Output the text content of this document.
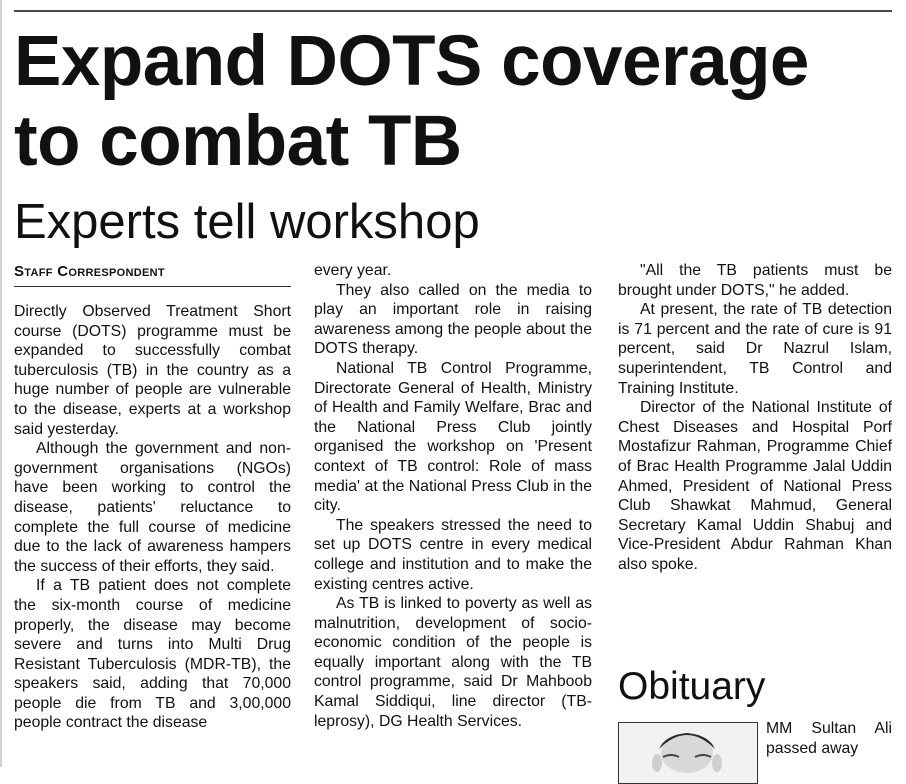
Expand DOTS coverage to combat TB
Experts tell workshop
Staff Correspondent

Directly Observed Treatment Short course (DOTS) programme must be expanded to successfully combat tuberculosis (TB) in the country as a huge number of people are vulnerable to the disease, experts at a workshop said yesterday.

Although the government and non-government organisations (NGOs) have been working to control the disease, patients' reluctance to complete the full course of medicine due to the lack of awareness hampers the success of their efforts, they said.

If a TB patient does not complete the six-month course of medicine properly, the disease may become severe and turns into Multi Drug Resistant Tuberculosis (MDR-TB), the speakers said, adding that 70,000 people die from TB and 3,00,000 people contract the disease

every year.

They also called on the media to play an important role in raising awareness among the people about the DOTS therapy.

National TB Control Programme, Directorate General of Health, Ministry of Health and Family Welfare, Brac and the National Press Club jointly organised the workshop on 'Present context of TB control: Role of mass media' at the National Press Club in the city.

The speakers stressed the need to set up DOTS centre in every medical college and institution and to make the existing centres active.

As TB is linked to poverty as well as malnutrition, development of socio-economic condition of the people is equally important along with the TB control programme, said Dr Mahboob Kamal Siddiqui, line director (TB-leprosy), DG Health Services.

"All the TB patients must be brought under DOTS," he added.

At present, the rate of TB detection is 71 percent and the rate of cure is 91 percent, said Dr Nazrul Islam, superintendent, TB Control and Training Institute.

Director of the National Institute of Chest Diseases and Hospital Porf Mostafizur Rahman, Programme Chief of Brac Health Programme Jalal Uddin Ahmed, President of National Press Club Shawkat Mahmud, General Secretary Kamal Uddin Shabuj and Vice-President Abdur Rahman Khan also spoke.

Obituary
MM Sultan Ali passed away
